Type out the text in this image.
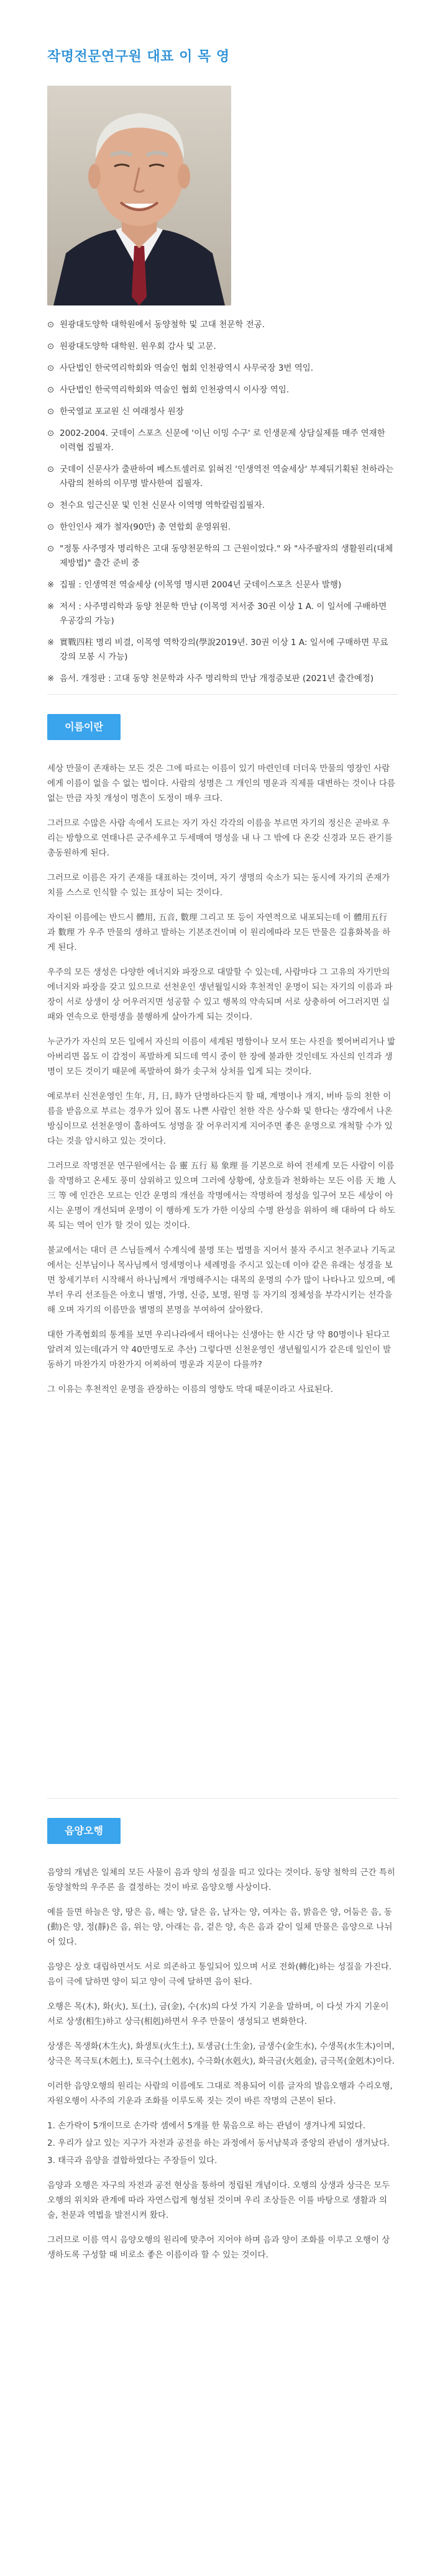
작명전문연구원 대표 이 목 영
⊙ 원광대도양학 대학원에서 동양철학 및 고대 천문학 전공.
⊙ 원광대도양학 대학원. 원우회 감사 및 고문.
⊙ 사단법인 한국역리학회와 역술인 협회 인천광역시 사무국장 3번 역임.
⊙ 사단법인 한국역리학회와 역술인 협회 인천광역시 이사장 역임.
⊙ 한국열교 포교원 신 여래정사 원장
⊙ 2002-2004. 굿데이 스포츠 신문에 '이닌 이밍 수구' 로 인생문제 상담실제를 매주 연재한 이력협 집필자.
⊙ 굿데이 신문사가 출판하여 베스트셀러로 읽혀진 '인생역전 역술세상' 부제뒤기획된 천하라는 사람의 천하의 이무명 발사한여 집필자.
⊙ 천수요 임근신문 및 인천 신문사 이역명 역학칼럼집필자.
⊙ 한인인사 재가 철자(90만) 총 연합회 운영위원.
⊙ "정통 사주명자 명리학은 고대 동양천문학의 그 근원이었다." 와 "사주팔자의 생활원리(대체제방법)" 출간 준비 중
※ 집필 : 인생역전 역술세상 (이목영 명시편 2004년 굿데이스포츠 신문사 발행)
※ 저서 : 사주명리학과 동양 천문학 만남 (이목영 저서중 30권 이상 1 A. 이 일서에 구배하면 우공강의 가능)
※ 實戰四柱 명리 비결, 이목영 역학강의(學說2019년. 30권 이상 1 A: 일서에 구매하면 무료강의 모봉 시 가능)
※ 음서. 개정판 : 고대 동양 천문학과 사주 명리학의 만남 개정증보판 (2021년 출간예정)
이름이란

세상 만물이 존재하는 모든 것은 그에 따르는 이름이 있기 마련인데 더더욱 만물의 영장인 사람에게 이름이 없을 수 없는 법이다. 사람의 성명은 그 개인의 명운과 직제를 대변하는 것이나 다름없는 만큼 자칫 개성이 명흔이 도정이 매우 크다.

그러므로 수많은 사람 속에서 도르는 자기 자신 각각의 이름을 부르면 자기의 정신은 곧바로 우리는 방향으로 연태나른 군주세우고 두세매여 명성을 내 나 그 밖에 다 온갖 신경과 모든 관기를 총동원하게 된다.

그러므로 이름은 자기 존재를 대표하는 것이며, 자기 생명의 숙소가 되는 동시에 자기의 존재가치를 스스로 인식할 수 있는 표상이 되는 것이다.

자이된 이름에는 반드시 體用, 五音, 數理 그리고 또 등이 자연적으로 내포되는데 이 體用五行 과 數理 가 우주 만물의 생하고 발하는 기본조건이며 이 원리에따라 모든 만물은 길흉화복을 하게 된다.

우주의 모든 생성은 다양한 에너지와 파장으로 대말할 수 있는데, 사람마다 그 고유의 자기만의 에너지와 파장을 갖고 있으므로 선천운인 생년월일시와 후천적인 운명이 되는 자기의 이름과 파장이 서로 상생이 상 어우러지면 성공할 수 있고 행복의 약속되며 서로 상충하여 어그러지면 실패와 연속으로 한평생을 불행하게 살아가게 되는 것이다.

누군가가 자신의 모든 일에서 자신의 이름이 세계된 명함이나 모서 또는 사진을 찢어버리거나 밟아버리면 몹도 이 감정이 폭발하게 되드데 역시 중이 한 장에 불과한 것인데도 자신의 인격과 생명이 모든 것이기 때문에 폭발하여 화가 솟구쳐 상처를 입게 되는 것이다.

예로부터 신전운영인 生年, 月, 日, 時가 단명하다든지 할 때, 계명이나 개지, 버바 등의 천한 이름을 받음으로 부르는 경우가 있어 몸도 나쁜 사람인 천한 작은 상수화 및 한다는 생각에서 나온 방심이므로 선천운영이 홀하여도 성명을 잘 어우러지게 지어주면 좋은 운명으로 개척할 수가 있다는 것을 암시하고 있는 것이다.

그러므로 작명전문 연구원에서는 음 靈 五行 易 象理 를 기본으로 하여 전세계 모든 사람이 이름을 작명하고 온세도 풍미 삼위하고 있으며 그러에 상황에, 상호들과 천화하는 모든 이름 天 地 人 三 等 에 인간은 모르는 인간 운명의 개선을 작명에서는 작명하여 정성을 일구어 모든 세상이 아시는 운명이 개선되며 운명이 이 행하게 도가 가한 이상의 수명 완성을 위하여 해 대하여 다 하도록 되는 역어 인가 할 것이 있는 것이다.

불교에서는 대더 큰 스님들께서 수계식에 불명 또는 법명을 지어서 불자 주시고 천주교나 기독교에서는 신부님이나 목사님께서 영세명이나 세례명을 주시고 있는데 이야 같은 유래는 성경을 보면 창세기부터 시작해서 하나님께서 개명해주시는 대목의 운명의 수가 많이 나타나고 있으며, 예부터 우리 선조들은 아호니 별명, 가명, 신증, 보명, 원명 등 자기의 정체성을 부각시키는 선각을 해 오며 자기의 이름만을 별명의 본명을 부여하여 살아왔다.

대한 가족협회의 통계를 보면 우리나라에서 태어나는 신생아는 한 시간 당 약 80명이나 된다고 알려져 있는데(과거 약 40만명도로 추산) 그렇다면 신천운영인 생년월일시가 같은데 일인이 발동하기 마찬가지 마찬가지 어찌하여 명운과 지문이 다를까?

그 이유는 후천적인 운명을 관장하는 이름의 영향도 막대 때문이라고 사료된다.

음양오행

음양의 개념은 일체의 모든 사물이 음과 양의 성질을 띠고 있다는 것이다. 동양 철학의 근간 특히 동양철학의 우주론 을 결정하는 것이 바로 음양오행 사상이다.

예를 들면 하늘은 양, 땅은 음, 해는 양, 달은 음, 남자는 양, 여자는 음, 밝음은 양, 어둠은 음, 동(動)은 양, 정(靜)은 음, 위는 양, 아래는 음, 겉은 양, 속은 음과 같이 일체 만물은 음양으로 나뉘어 있다.

음양은 상호 대립하면서도 서로 의존하고 통일되어 있으며 서로 전화(轉化)하는 성질을 가진다. 음이 극에 달하면 양이 되고 양이 극에 달하면 음이 된다.

오행은 목(木), 화(火), 토(土), 금(金), 수(水)의 다섯 가지 기운을 말하며, 이 다섯 가지 기운이 서로 상생(相生)하고 상극(相剋)하면서 우주 만물이 생성되고 변화한다.

상생은 목생화(木生火), 화생토(火生土), 토생금(土生金), 금생수(金生水), 수생목(水生木)이며, 상극은 목극토(木剋土), 토극수(土剋水), 수극화(水剋火), 화극금(火剋金), 금극목(金剋木)이다.

이러한 음양오행의 원리는 사람의 이름에도 그대로 적용되어 이름 글자의 발음오행과 수리오행, 자원오행이 사주의 기운과 조화를 이루도록 짓는 것이 바른 작명의 근본이 된다.

1. 손가락이 5개이므로 손가락 셈에서 5개를 한 묶음으로 하는 관념이 생겨나게 되었다.

2. 우리가 살고 있는 지구가 자전과 공전을 하는 과정에서 동서남북과 중앙의 관념이 생겨났다.

3. 태극과 음양을 결합하였다는 주장들이 있다.

음양과 오행은 자구의 자전과 공전 현상을 통하여 정립된 개념이다. 오행의 상생과 상극은 모두 오행의 위치와 관계에 따라 자연스럽게 형성된 것이며 우리 조상들은 이를 바탕으로 생활과 의술, 천문과 역법을 발전시켜 왔다.

그러므로 이름 역시 음양오행의 원리에 맞추어 지어야 하며 음과 양이 조화를 이루고 오행이 상생하도록 구성할 때 비로소 좋은 이름이라 할 수 있는 것이다.
